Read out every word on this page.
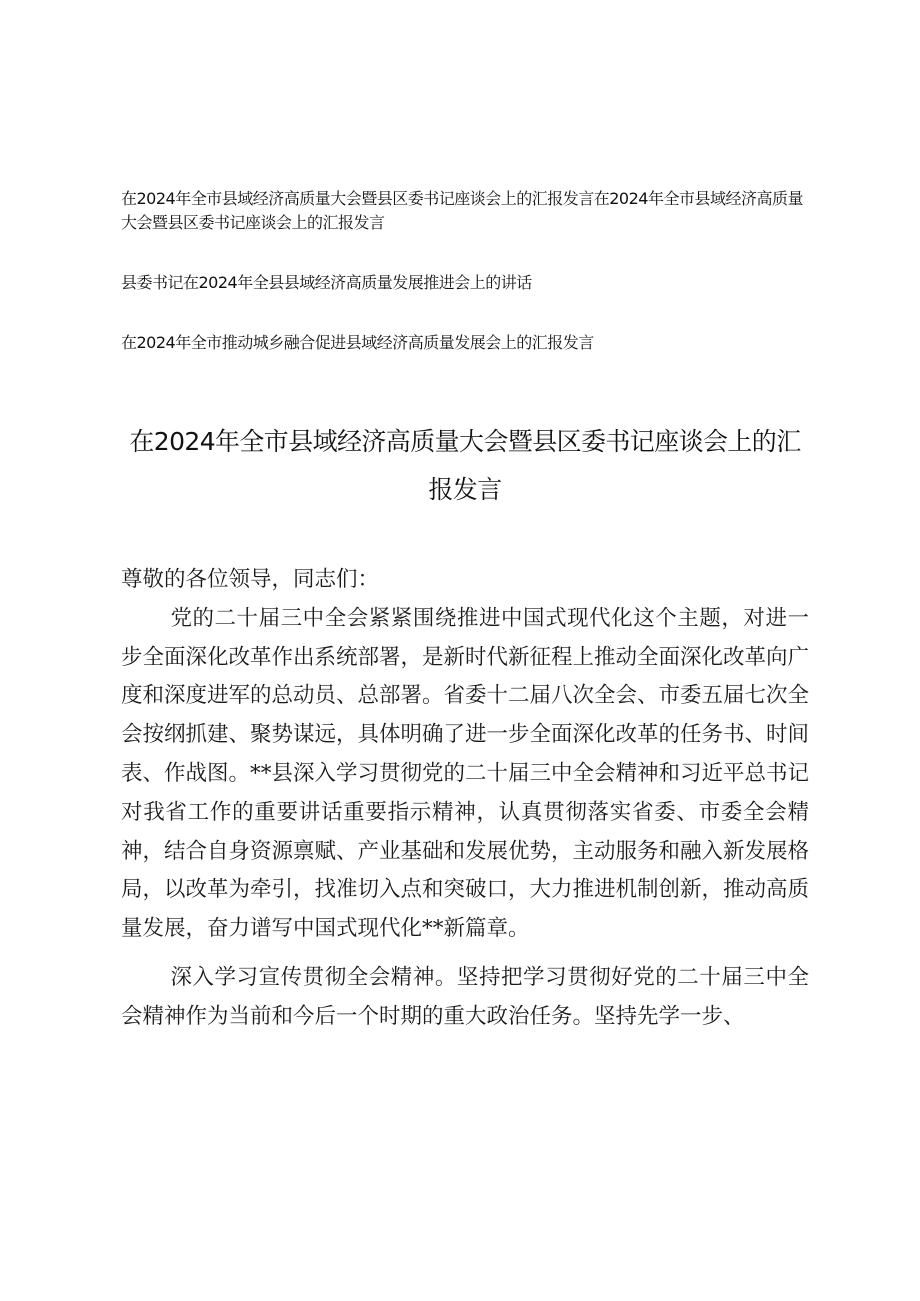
在2024年全市县域经济高质量大会暨县区委书记座谈会上的汇报发言在2024年全市县域经济高质量大会暨县区委书记座谈会上的汇报发言

县委书记在2024年全县县域经济高质量发展推进会上的讲话

在2024年全市推动城乡融合促进县域经济高质量发展会上的汇报发言

在2024年全市县域经济高质量大会暨县区委书记座谈会上的汇报发言

尊敬的各位领导，同志们：

党的二十届三中全会紧紧围绕推进中国式现代化这个主题，对进一步全面深化改革作出系统部署，是新时代新征程上推动全面深化改革向广度和深度进军的总动员、总部署。省委十二届八次全会、市委五届七次全会按纲抓建、聚势谋远，具体明确了进一步全面深化改革的任务书、时间表、作战图。**县深入学习贯彻党的二十届三中全会精神和习近平总书记对我省工作的重要讲话重要指示精神，认真贯彻落实省委、市委全会精神，结合自身资源禀赋、产业基础和发展优势，主动服务和融入新发展格局，以改革为牵引，找准切入点和突破口，大力推进机制创新，推动高质量发展，奋力谱写中国式现代化**新篇章。

深入学习宣传贯彻全会精神。坚持把学习贯彻好党的二十届三中全会精神作为当前和今后一个时期的重大政治任务。坚持先学一步、
